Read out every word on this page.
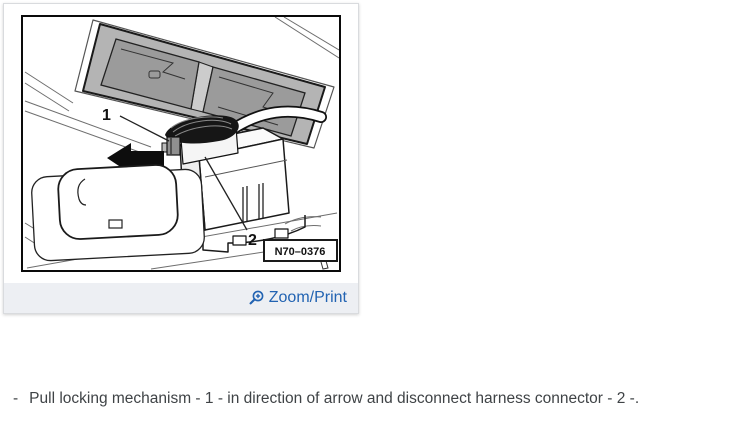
1
2
N70–0376
Zoom/Print
- Pull locking mechanism - 1 - in direction of arrow and disconnect harness connector - 2 -.
